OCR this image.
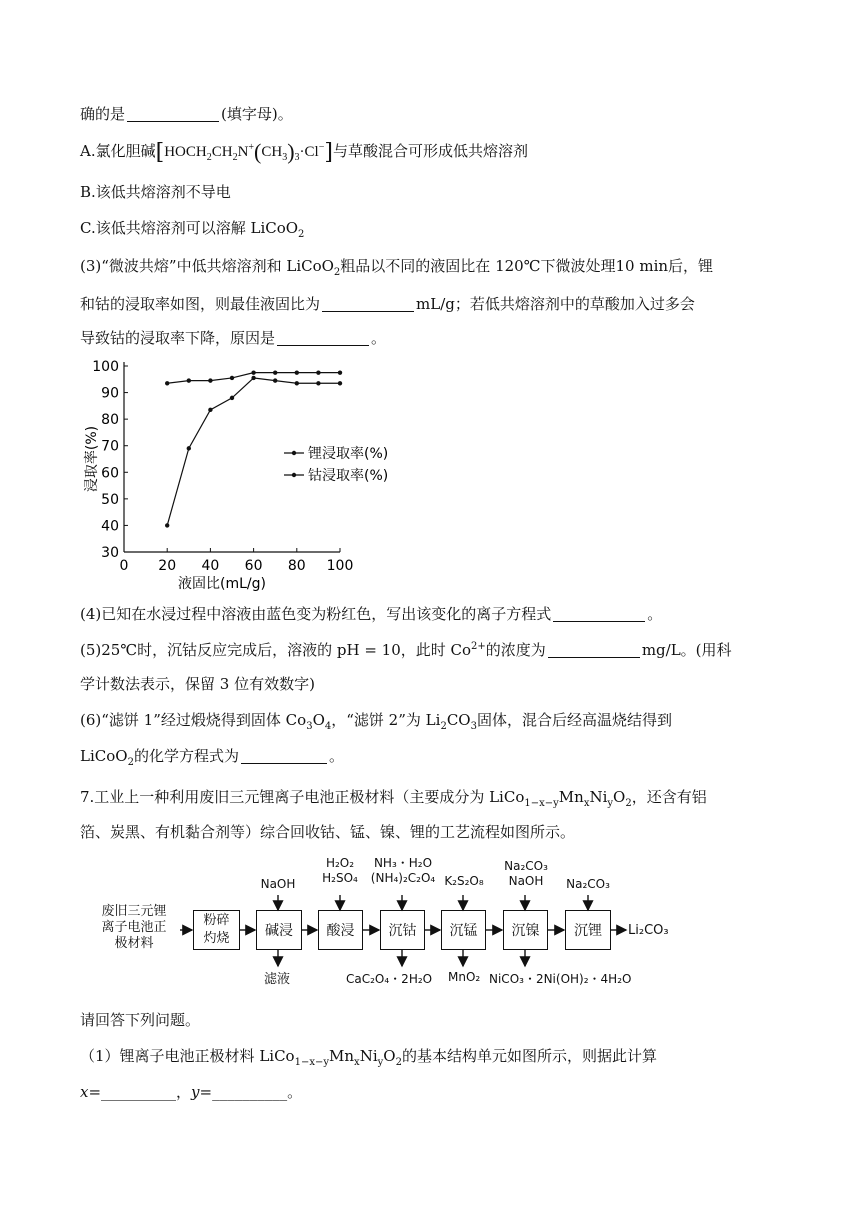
确的是	(填字母)。
A.氯化胆碱$[HOCH_2CH_2N^+(CH_3)_3\cdot Cl^-]$与草酸混合可形成低共熔溶剂
B.该低共熔溶剂不导电
C.该低共熔溶剂可以溶解 LiCoO$_2$
(3)“微波共熔”中低共熔溶剂和 LiCoO$_2$粗品以不同的液固比在 120℃下微波处理10 min后，锂
和钴的浸取率如图，则最佳液固比为	mL/g；若低共熔溶剂中的草酸加入过多会
导致钴的浸取率下降，原因是	。
30
40
50
60
70
80
90
100
0 20 40 60 80 100
液固比(mL/g)
浸取率(%)	锂浸取率(%)
钴浸取率(%)
(4)已知在水浸过程中溶液由蓝色变为粉红色，写出该变化的离子方程式	。
(5)25℃时，沉钴反应完成后，溶液的 pH = 10，此时 $Co^{2+}$的浓度为	mg/L。(用科
学计数法表示，保留 3 位有效数字)
(6)“滤饼 1”经过煅烧得到固体 $Co_3O_4$，“滤饼 2”为 $Li_2CO_3$固体，混合后经高温烧结得到
LiCoO$_2$的化学方程式为	。
7.工业上一种利用废旧三元锂离子电池正极材料（主要成分为 $LiCo_{1-x-y}Mn_xNi_yO_2$，还含有铝
箔、炭黑、有机黏合剂等）综合回收钴、锰、镍、锂的工艺流程如图所示。
废旧三元锂
离子电池正
极材料
粉碎
灼烧	碱浸	酸浸	沉钴	沉锰	沉镍	沉锂	Li₂CO₃
NaOH
H₂O₂
H₂SO₄
NH₃・H₂O
(NH₄)₂C₂O₄ K₂S₂O₈
Na₂CO₃
NaOH	Na₂CO₃
滤液	CaC₂O₄・2H₂O MnO₂ NiCO₃・2Ni(OH)₂・4H₂O
请回答下列问题。
（1）锂离子电池正极材料 $LiCo_{1-x-y}Mn_xNi_yO_2$的基本结构单元如图所示，则据此计算
x=__________，y=__________。
